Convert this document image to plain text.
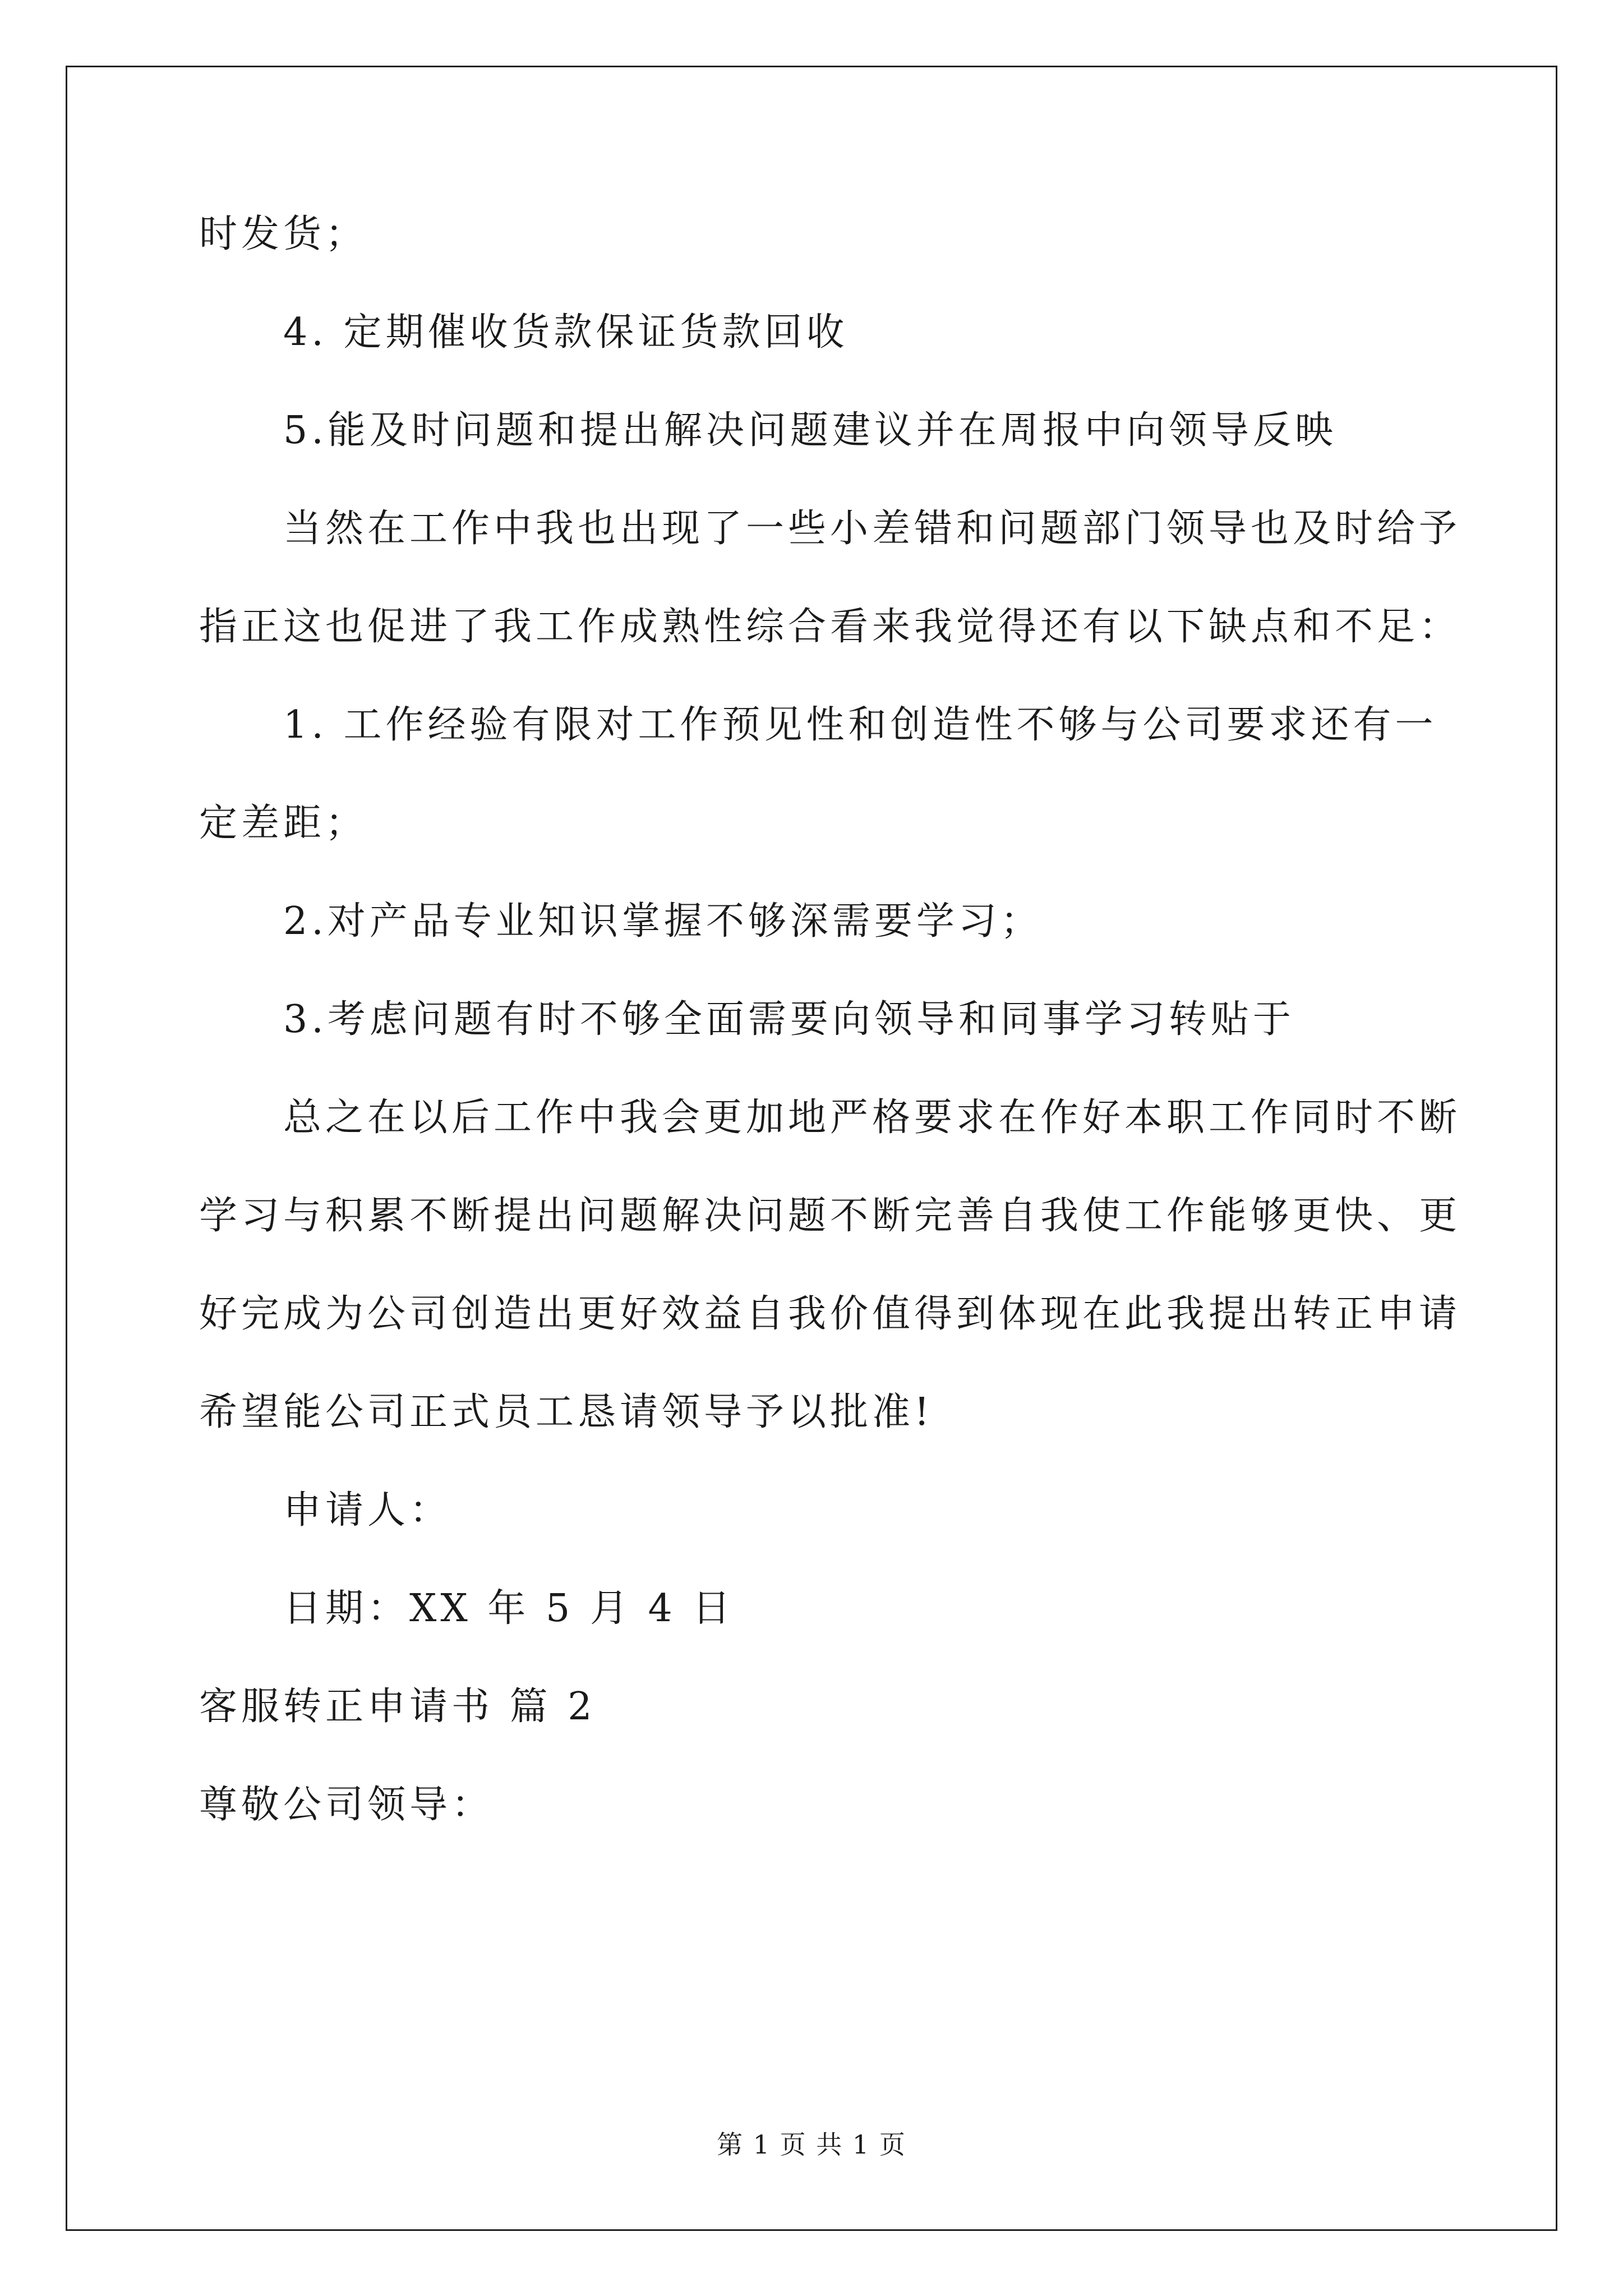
时发货；
4. 定期催收货款保证货款回收
5.能及时问题和提出解决问题建议并在周报中向领导反映
当然在工作中我也出现了一些小差错和问题部门领导也及时给予
指正这也促进了我工作成熟性综合看来我觉得还有以下缺点和不足：
1. 工作经验有限对工作预见性和创造性不够与公司要求还有一
定差距；
2.对产品专业知识掌握不够深需要学习；
3.考虑问题有时不够全面需要向领导和同事学习转贴于
总之在以后工作中我会更加地严格要求在作好本职工作同时不断
学习与积累不断提出问题解决问题不断完善自我使工作能够更快、更
好完成为公司创造出更好效益自我价值得到体现在此我提出转正申请
希望能公司正式员工恳请领导予以批准!
申请人：
日期：XX 年 5 月 4 日
客服转正申请书 篇 2
尊敬公司领导：
第 1 页 共 1 页
